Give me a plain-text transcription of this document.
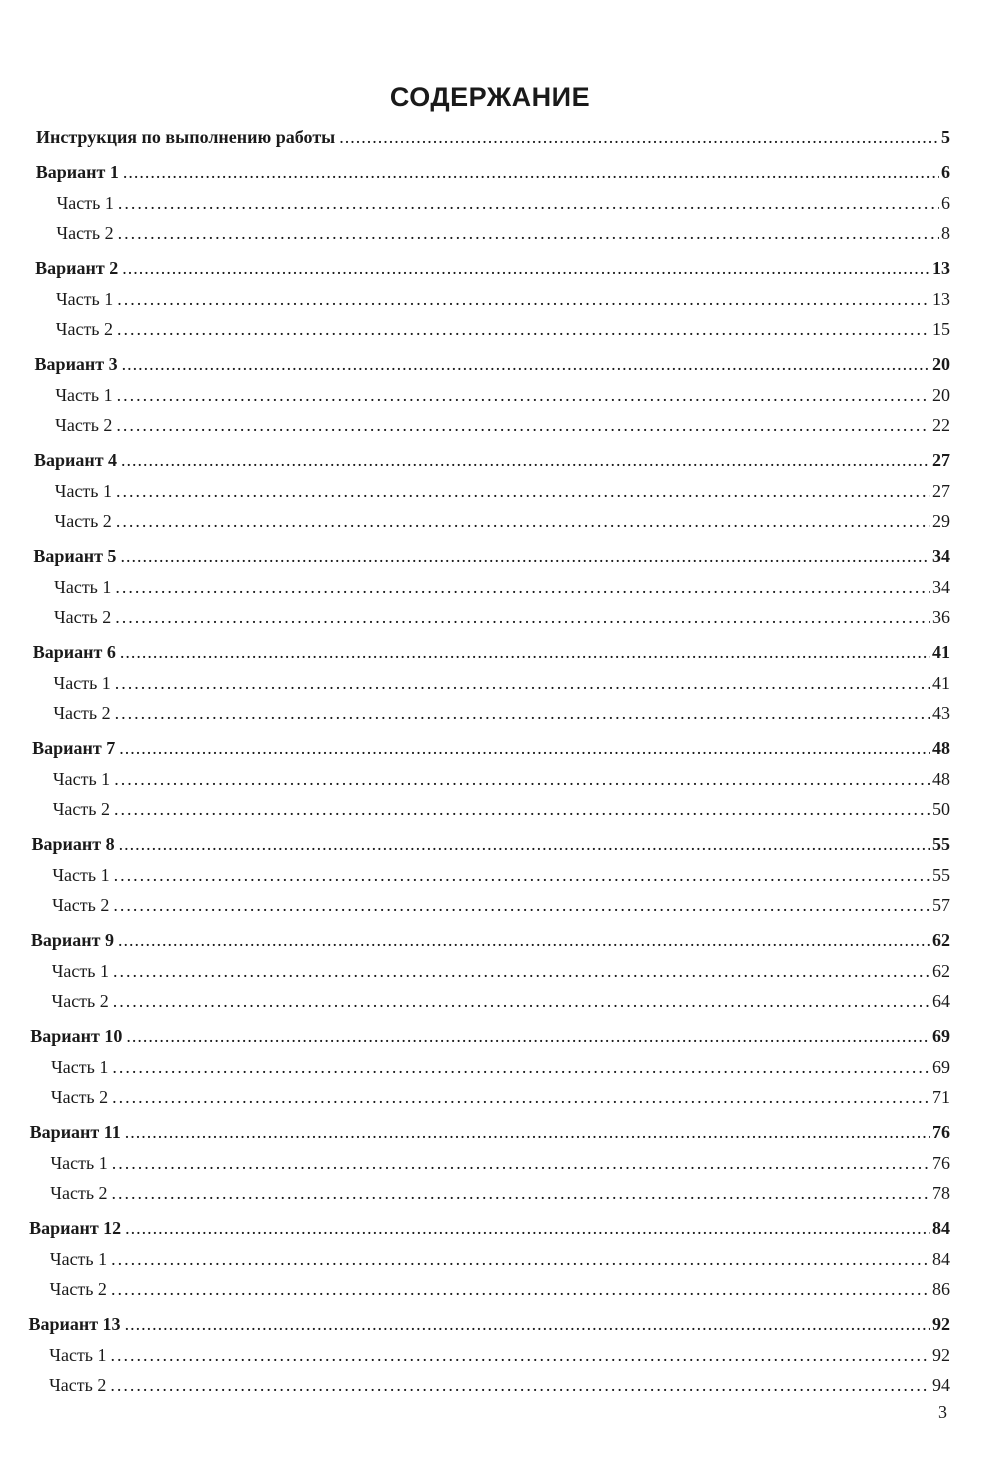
СОДЕРЖАНИЕ
Инструкция по выполнению работы .....	5
Вариант 1 .....	6
Часть 1 .....	6
Часть 2 .....	8
Вариант 2 .....	13
Часть 1 .....	13
Часть 2 .....	15
Вариант 3 .....	20
Часть 1 .....	20
Часть 2 .....	22
Вариант 4 .....	27
Часть 1 .....	27
Часть 2 .....	29
Вариант 5 .....	34
Часть 1 .....	34
Часть 2 .....	36
Вариант 6 .....	41
Часть 1 .....	41
Часть 2 .....	43
Вариант 7 .....	48
Часть 1 .....	48
Часть 2 .....	50
Вариант 8 .....	55
Часть 1 .....	55
Часть 2 .....	57
Вариант 9 .....	62
Часть 1 .....	62
Часть 2 .....	64
Вариант 10 .....	69
Часть 1 .....	69
Часть 2 .....	71
Вариант 11 .....	76
Часть 1 .....	76
Часть 2 .....	78
Вариант 12 .....	84
Часть 1 .....	84
Часть 2 .....	86
Вариант 13 .....	92
Часть 1 .....	92
Часть 2 .....	94
3
